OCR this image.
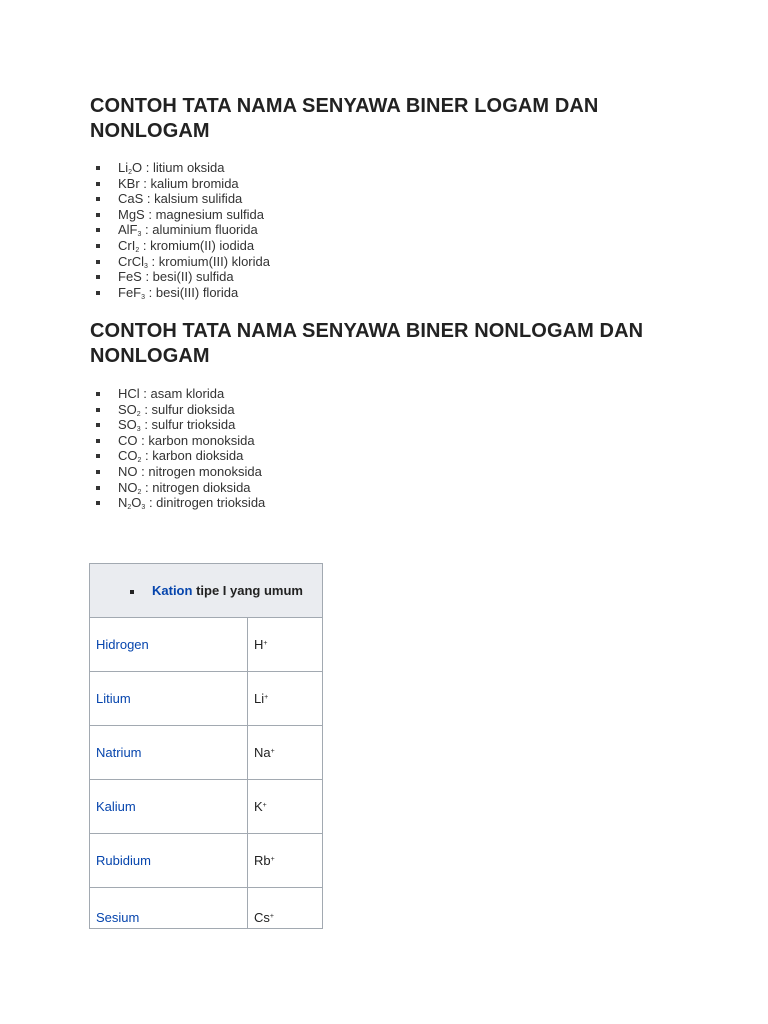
CONTOH TATA NAMA SENYAWA BINER LOGAM DAN NONLOGAM
$Li_2O$ : litium oksida
KBr : kalium bromida
CaS : kalsium sulifida
MgS : magnesium sulfida
AlF$_3$ : aluminium fluorida
CrI$_2$ : kromium(II) iodida
CrCl$_3$ : kromium(III) klorida
FeS : besi(II) sulfida
FeF$_3$ : besi(III) florida
CONTOH TATA NAMA SENYAWA BINER NONLOGAM DAN NONLOGAM
HCl : asam klorida
$SO_2$ : sulfur dioksida
$SO_3$ : sulfur trioksida
CO : karbon monoksida
$CO_2$ : karbon dioksida
NO : nitrogen monoksida
$NO_2$ : nitrogen dioksida
$N_2O_3$ : dinitrogen trioksida
Kation tipe I yang umum	
Hidrogen	H+
Litium	Li+
Natrium	Na+
Kalium	K+
Rubidium	Rb+
Sesium	Cs+
